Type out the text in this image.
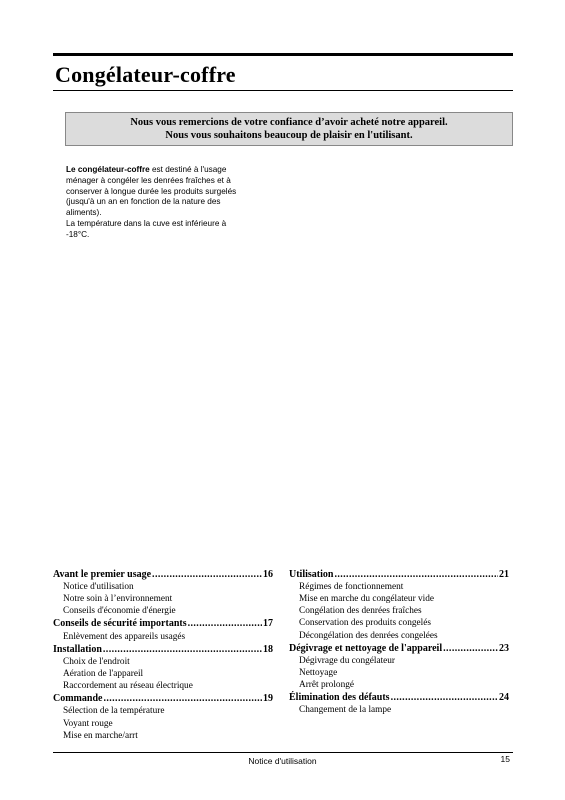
Congélateur-coffre
Nous vous remercions de votre confiance d’avoir acheté notre appareil.
Nous vous souhaitons beaucoup de plaisir en l'utilisant.
Le congélateur-coffre est destiné à l'usage
ménager à congéler les denrées fraîches et à
conserver à longue durée les produits surgelés
(jusqu'à un an en fonction de la nature des
aliments).
La température dans la cuve est inférieure à
-18°C.
Avant le premier usage .....	16
Notice d'utilisation
Notre soin à l’environnement
Conseils d'économie d'énergie
Conseils de sécurité importants .....	17
Enlèvement des appareils usagés
Installation .....	18
Choix de l'endroit
Aération de l'appareil
Raccordement au réseau électrique
Commande .....	19
Sélection de la température
Voyant rouge
Mise en marche/arrt
Utilisation .....	21
Régimes de fonctionnement
Mise en marche du congélateur vide
Congélation des denrées fraîches
Conservation des produits congelés
Décongélation des denrées congelées
Dégivrage et nettoyage de l'appareil .....	23
Dégivrage du congélateur
Nettoyage
Arrêt prolongé
Élimination des défauts .....	24
Changement de la lampe
Notice d'utilisation	15
